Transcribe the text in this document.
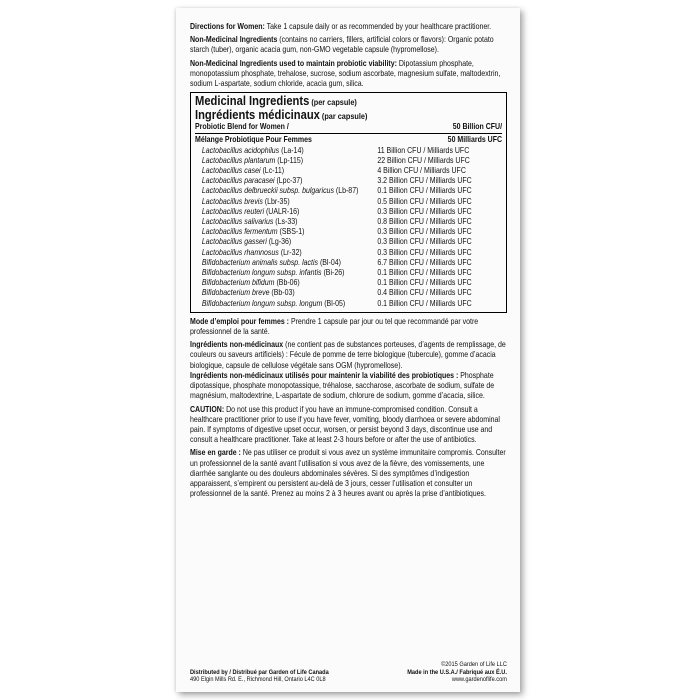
Directions for Women: Take 1 capsule daily or as recommended by your healthcare practitioner.

Non-Medicinal Ingredients (contains no carriers, fillers, artificial colors or flavors): Organic potato starch (tuber), organic acacia gum, non-GMO vegetable capsule (hypromellose).

Non-Medicinal Ingredients used to maintain probiotic viability: Dipotassium phosphate, monopotassium phosphate, trehalose, sucrose, sodium ascorbate, magnesium sulfate, maltodextrin, sodium L-aspartate, sodium chloride, acacia gum, silica.

Medicinal Ingredients (per capsule)
Ingrédients médicinaux (par capsule)
Probiotic Blend for Women /	50 Billion CFU/
Mélange Probiotique Pour Femmes	50 Milliards UFC
Lactobacillus acidophilus (La-14)	11 Billion CFU / Milliards UFC
Lactobacillus plantarum (Lp-115)	22 Billion CFU / Milliards UFC
Lactobacillus casei (Lc-11)	4 Billion CFU / Milliards UFC
Lactobacillus paracasei (Lpc-37)	3.2 Billion CFU / Milliards UFC
Lactobacillus delbrueckii subsp. bulgaricus (Lb-87)	0.1 Billion CFU / Milliards UFC
Lactobacillus brevis (Lbr-35)	0.5 Billion CFU / Milliards UFC
Lactobacillus reuteri (UALR-16)	0.3 Billion CFU / Milliards UFC
Lactobacillus salivarius (Ls-33)	0.8 Billion CFU / Milliards UFC
Lactobacillus fermentum (SBS-1)	0.3 Billion CFU / Milliards UFC
Lactobacillus gasseri (Lg-36)	0.3 Billion CFU / Milliards UFC
Lactobacillus rhamnosus (Lr-32)	0.3 Billion CFU / Milliards UFC
Bifidobacterium animalis subsp. lactis (Bl-04)	6.7 Billion CFU / Milliards UFC
Bifidobacterium longum subsp. infantis (Bi-26)	0.1 Billion CFU / Milliards UFC
Bifidobacterium bifidum (Bb-06)	0.1 Billion CFU / Milliards UFC
Bifidobacterium breve (Bb-03)	0.4 Billion CFU / Milliards UFC
Bifidobacterium longum subsp. longum (Bl-05)	0.1 Billion CFU / Milliards UFC

Mode d’emploi pour femmes : Prendre 1 capsule par jour ou tel que recommandé par votre professionnel de la santé.

Ingrédients non-médicinaux (ne contient pas de substances porteuses, d’agents de remplissage, de couleurs ou saveurs artificiels) : Fécule de pomme de terre biologique (tubercule), gomme d’acacia biologique, capsule de cellulose végétale sans OGM (hypromellose).

Ingrédients non-médicinaux utilisés pour maintenir la viabilité des probiotiques : Phosphate dipotassique, phosphate monopotassique, tréhalose, saccharose, ascorbate de sodium, sulfate de magnésium, maltodextrine, L-aspartate de sodium, chlorure de sodium, gomme d’acacia, silice.

CAUTION: Do not use this product if you have an immune-compromised condition. Consult a healthcare practitioner prior to use if you have fever, vomiting, bloody diarrhoea or severe abdominal pain. If symptoms of digestive upset occur, worsen, or persist beyond 3 days, discontinue use and consult a healthcare practitioner. Take at least 2-3 hours before or after the use of antibiotics.

Mise en garde : Ne pas utiliser ce produit si vous avez un système immunitaire compromis. Consulter un professionnel de la santé avant l’utilisation si vous avez de la fièvre, des vomissements, une diarrhée sanglante ou des douleurs abdominales sévères. Si des symptômes d’indigestion apparaissent, s’empirent ou persistent au-delà de 3 jours, cesser l’utilisation et consulter un professionnel de la santé. Prenez au moins 2 à 3 heures avant ou après la prise d’antibiotiques.

©2015 Garden of Life LLC
Distributed by / Distribué par Garden of Life Canada	Made in the U.S.A./ Fabriqué aux É.U.
490 Elgin Mills Rd. E., Richmond Hill, Ontario L4C 0L8	www.gardenoflife.com
